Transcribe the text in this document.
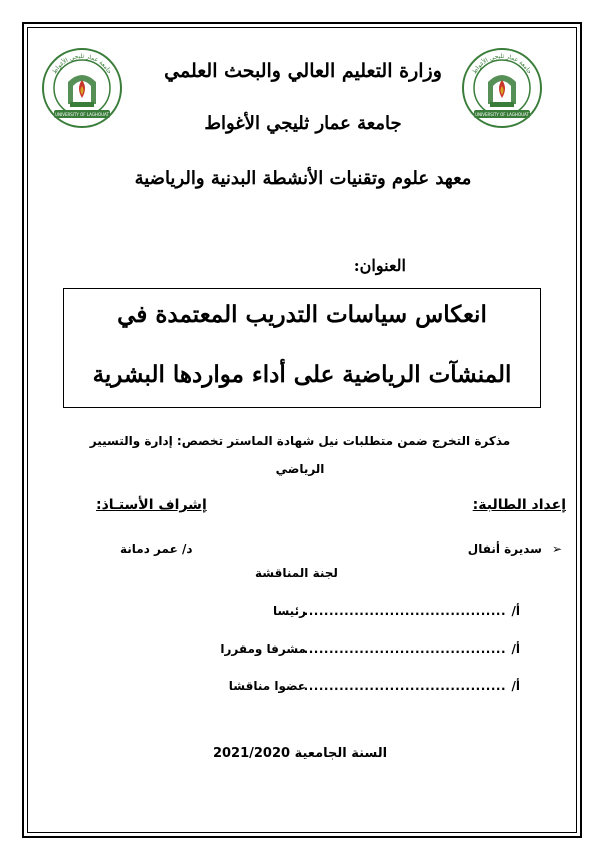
جامعة عمار ثليجي الأغواط
UNIVERSITY OF LAGHOUAT
جامعة عمار ثليجي الأغواط
UNIVERSITY OF LAGHOUAT
وزارة التعليم العالي والبحث العلمي
جامعة عمار ثليجي الأغواط
معهد علوم وتقنيات الأنشطة البدنية والرياضية
العنوان:
انعكاس سياسات التدريب المعتمدة في
المنشآت الرياضية على أداء مواردها البشرية
مذكرة التخرج ضمن متطلبات نيل شهادة الماستر تخصص: إدارة والتسيير
الرياضي
إعداد الطالبة:
إشراف الأستـاذ:
➢
سديرة أنفال
د/ عمر دمانة
لجنة المناقشة
أ/
........................................
رئيسا
أ/
........................................
مشرفا ومقررا
أ/
........................................
عضوا مناقشا
السنة الجامعية 2021/2020
